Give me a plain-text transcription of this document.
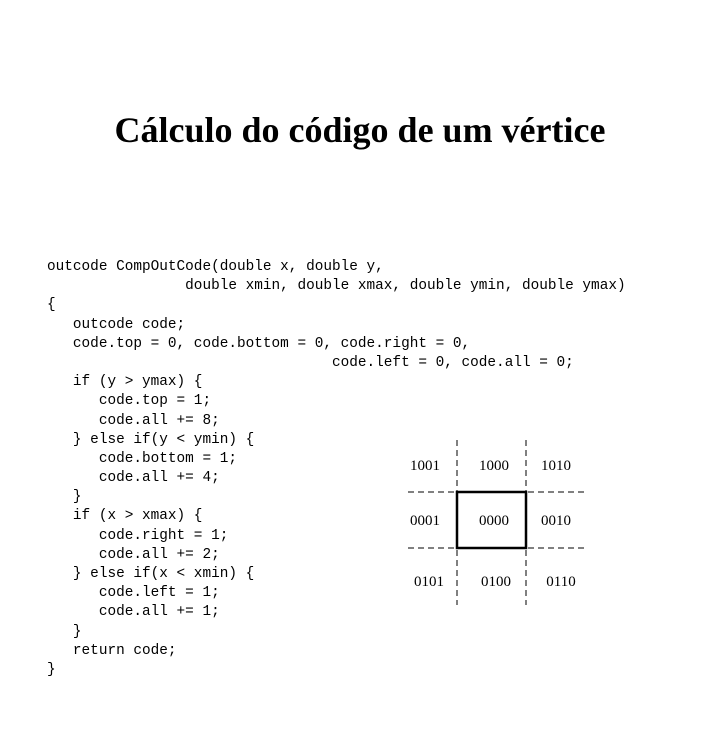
Cálculo do código de um vértice
outcode CompOutCode(double x, double y,
double xmin, double xmax, double ymin, double ymax)
{
outcode code;
code.top = 0, code.bottom = 0, code.right = 0,
code.left = 0, code.all = 0;
if (y > ymax) {
code.top = 1;
code.all += 8;
} else if(y < ymin) {
code.bottom = 1;
code.all += 4;
}
if (x > xmax) {
code.right = 1;
code.all += 2;
} else if(x < xmin) {
code.left = 1;
code.all += 1;
}
return code;
}
1001	1000 1010
0001	0000 0010
0101 0100 0110
